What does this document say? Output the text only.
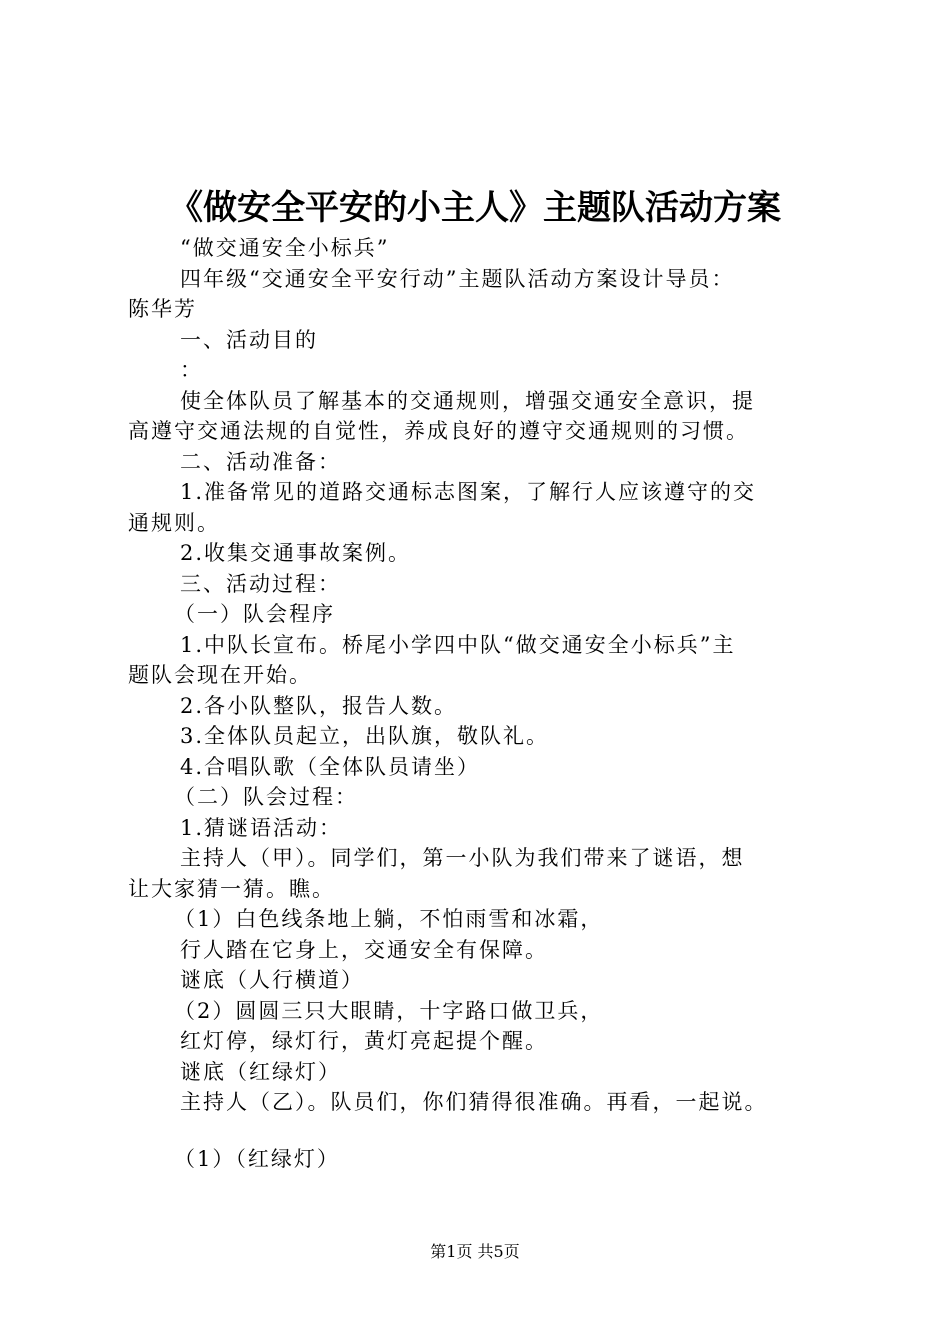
《做安全平安的小主人》主题队活动方案
“做交通安全小标兵”
四年级“交通安全平安行动”主题队活动方案设计导员：
陈华芳
一、活动目的
：
使全体队员了解基本的交通规则，增强交通安全意识，提
高遵守交通法规的自觉性，养成良好的遵守交通规则的习惯。
二、活动准备：
1.准备常见的道路交通标志图案，了解行人应该遵守的交
通规则。
2.收集交通事故案例。
三、活动过程：
（一）队会程序
1.中队长宣布。桥尾小学四中队“做交通安全小标兵”主
题队会现在开始。
2.各小队整队，报告人数。
3.全体队员起立，出队旗，敬队礼。
4.合唱队歌（全体队员请坐）
（二）队会过程：
1.猜谜语活动：
主持人（甲）。同学们，第一小队为我们带来了谜语，想
让大家猜一猜。瞧。
（1）白色线条地上躺，不怕雨雪和冰霜，
行人踏在它身上，交通安全有保障。
谜底（人行横道）
（2）圆圆三只大眼睛，十字路口做卫兵，
红灯停，绿灯行，黄灯亮起提个醒。
谜底（红绿灯）
主持人（乙）。队员们，你们猜得很准确。再看，一起说。
（1）（红绿灯）
第1页 共5页
